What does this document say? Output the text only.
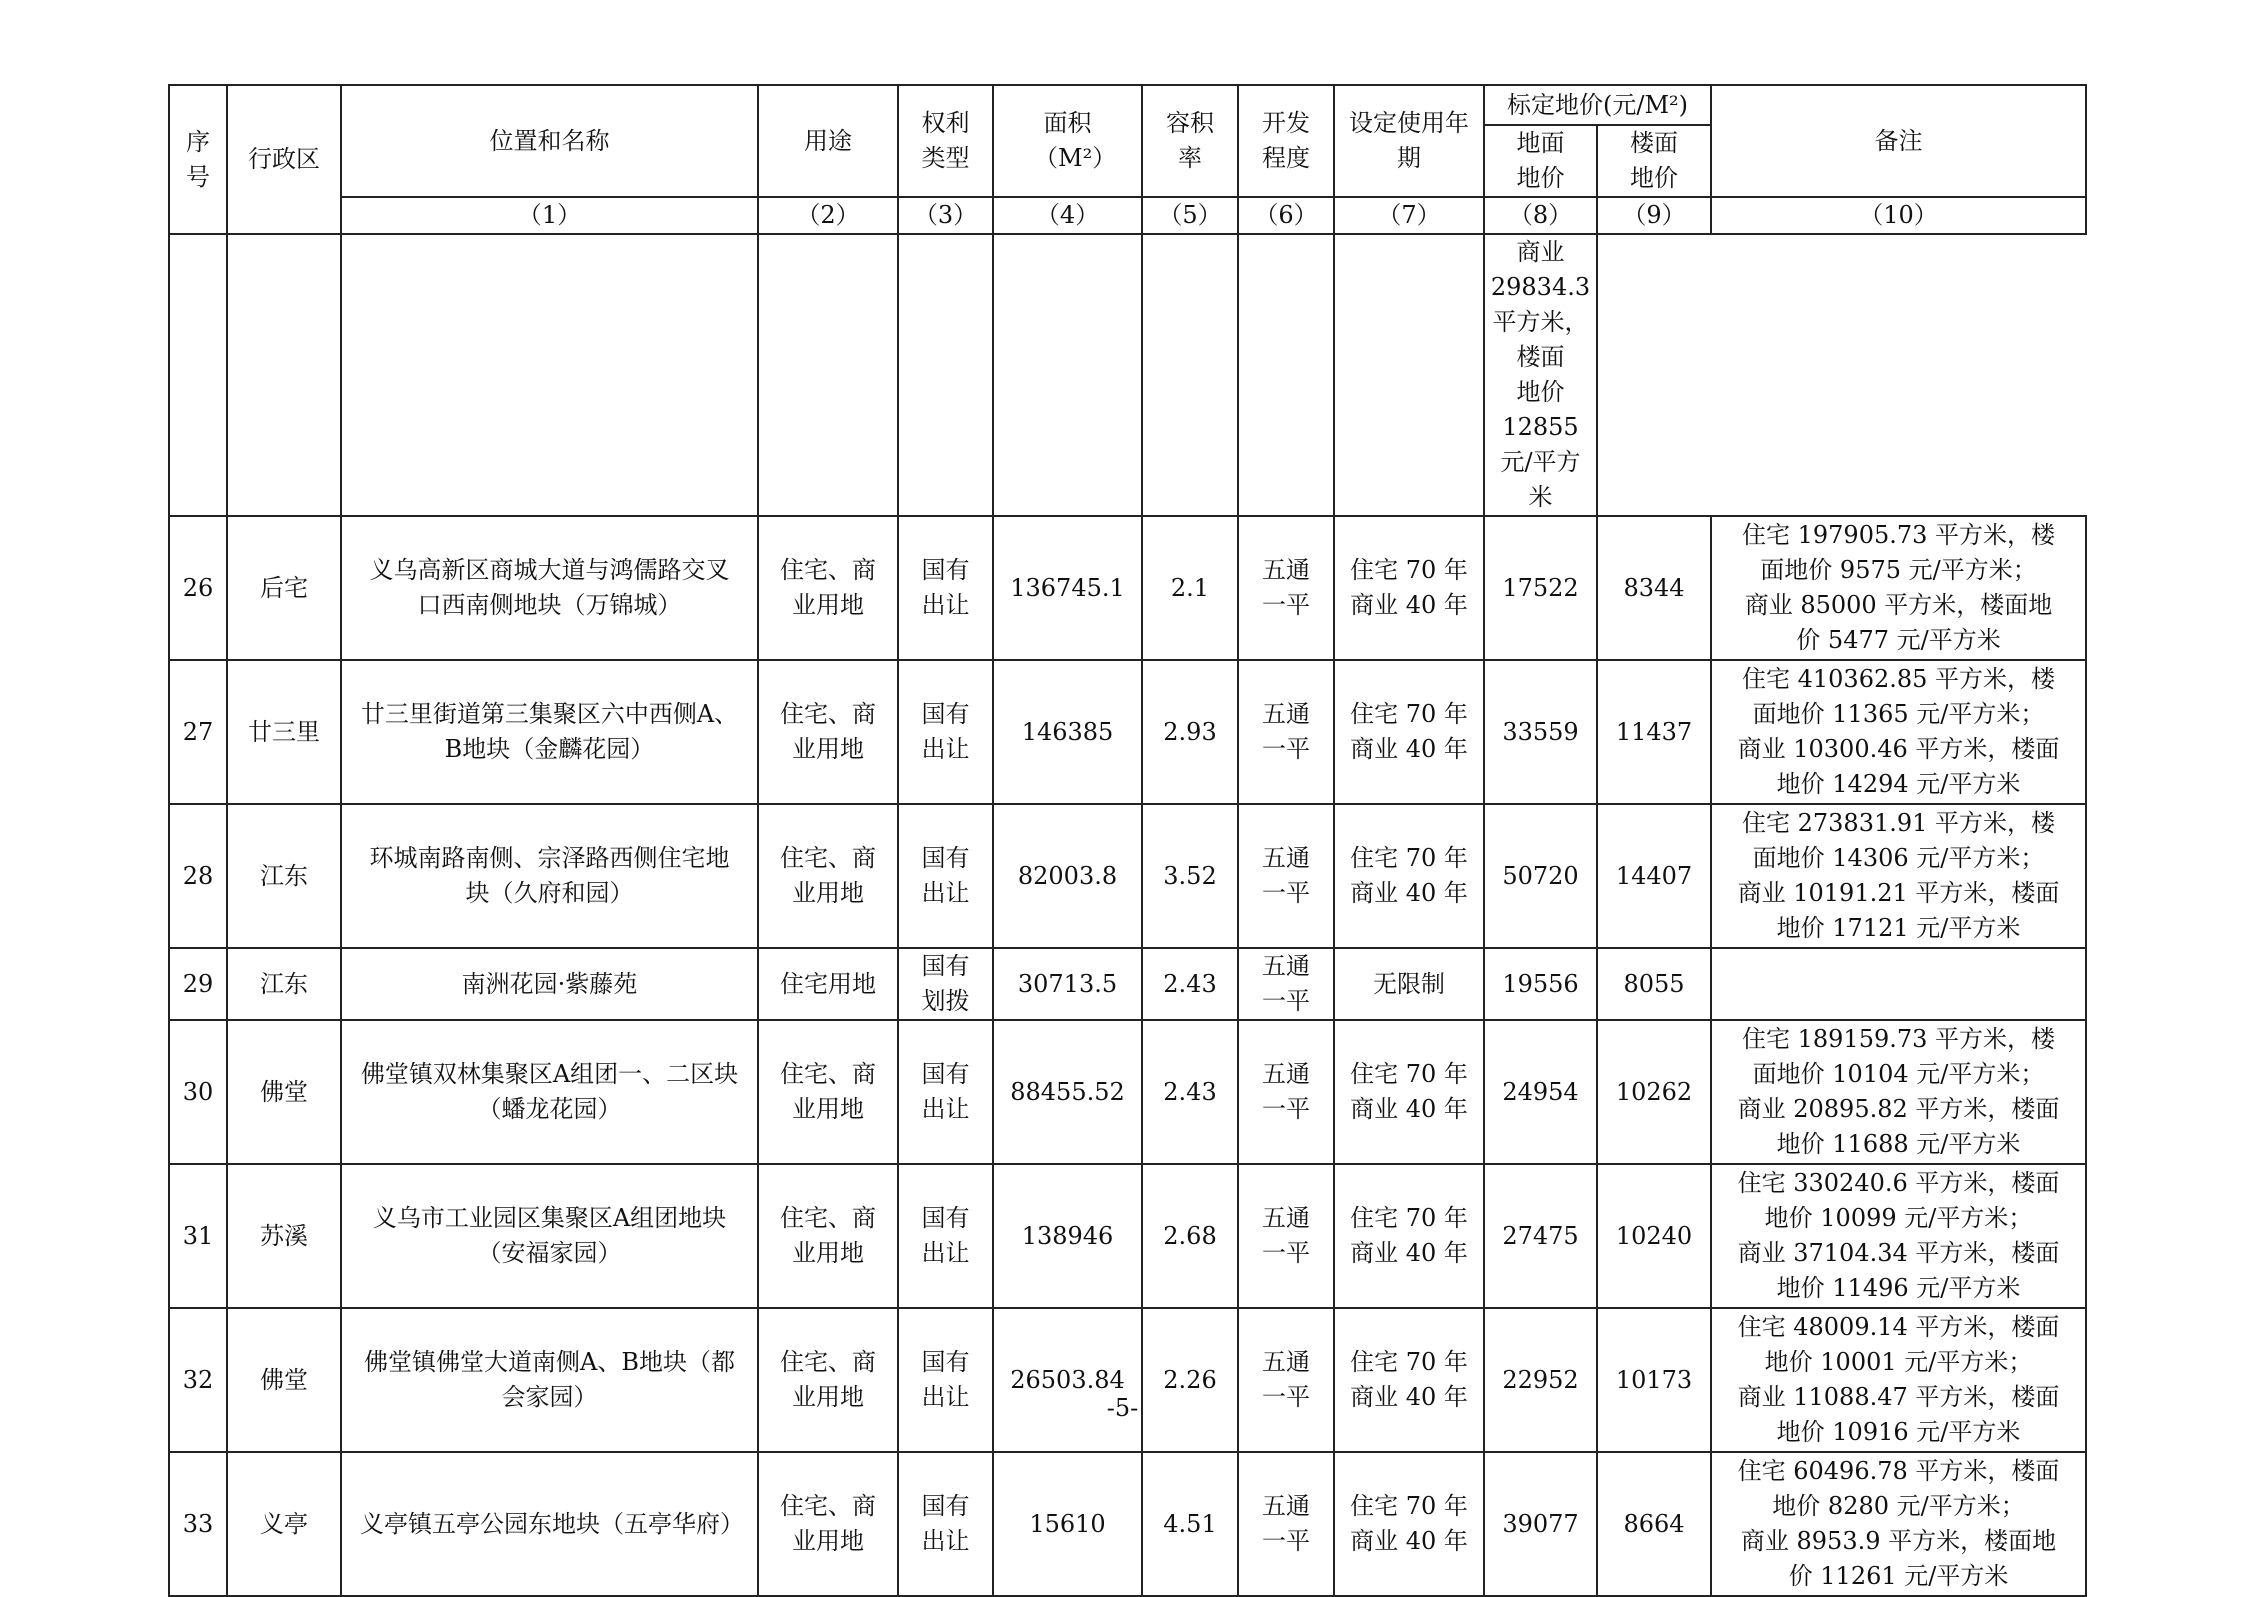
序号	行政区	位置和名称	用途	权利类型	面积（M²）	容积率	开发程度	设定使用年期	标定地价(元/M²)		备注
									地面地价	楼面地价	
		（1）	（2）	（3）	（4）	（5）	（6）	（7）	（8）	（9）	（10）

									商业 29834.3 平方米，楼面
地价 12855 元/平方米		

26	后宅	义乌高新区商城大道与鸿儒路交叉口西南侧地块（万锦城）	住宅、商业用地	国有出让	136745.1	2.1	五通一平	住宅 70 年 商业 40 年	17522	8344	住宅 197905.73 平方米，楼
面地价 9575 元/平方米；
商业 85000 平方米，楼面地
价 5477 元/平方米

27	廿三里	廿三里街道第三集聚区六中西侧A、B地块（金麟花园）	住宅、商业用地	国有出让	146385	2.93	五通一平	住宅 70 年 商业 40 年	33559	11437	住宅 410362.85 平方米，楼
面地价 11365 元/平方米；
商业 10300.46 平方米，楼面
地价 14294 元/平方米

28	江东	环城南路南侧、宗泽路西侧住宅地块（久府和园）	住宅、商业用地	国有出让	82003.8	3.52	五通一平	住宅 70 年 商业 40 年	50720	14407	住宅 273831.91 平方米，楼
面地价 14306 元/平方米；
商业 10191.21 平方米，楼面
地价 17121 元/平方米

29	江东	南洲花园·紫藤苑	住宅用地	国有划拨	30713.5	2.43	五通一平	无限制	19556	8055	
30	佛堂	佛堂镇双林集聚区A组团一、二区块（蟠龙花园）	住宅、商业用地	国有出让	88455.52	2.43	五通一平	住宅 70 年 商业 40 年	24954	10262	住宅 189159.73 平方米，楼
面地价 10104 元/平方米；
商业 20895.82 平方米，楼面
地价 11688 元/平方米

31	苏溪	义乌市工业园区集聚区A组团地块（安福家园）	住宅、商业用地	国有出让	138946	2.68	五通一平	住宅 70 年 商业 40 年	27475	10240	住宅 330240.6 平方米，楼面
地价 10099 元/平方米；
商业 37104.34 平方米，楼面
地价 11496 元/平方米

32	佛堂	佛堂镇佛堂大道南侧A、B地块（都会家园）	住宅、商业用地	国有出让	26503.84	2.26	五通一平	住宅 70 年 商业 40 年	22952	10173	住宅 48009.14 平方米，楼面
地价 10001 元/平方米；
商业 11088.47 平方米，楼面
地价 10916 元/平方米

33	义亭	义亭镇五亭公园东地块（五亭华府）	住宅、商业用地	国有出让	15610	4.51	五通一平	住宅 70 年 商业 40 年	39077	8664	住宅 60496.78 平方米，楼面
地价 8280 元/平方米；
商业 8953.9 平方米，楼面地
价 11261 元/平方米
-5-
